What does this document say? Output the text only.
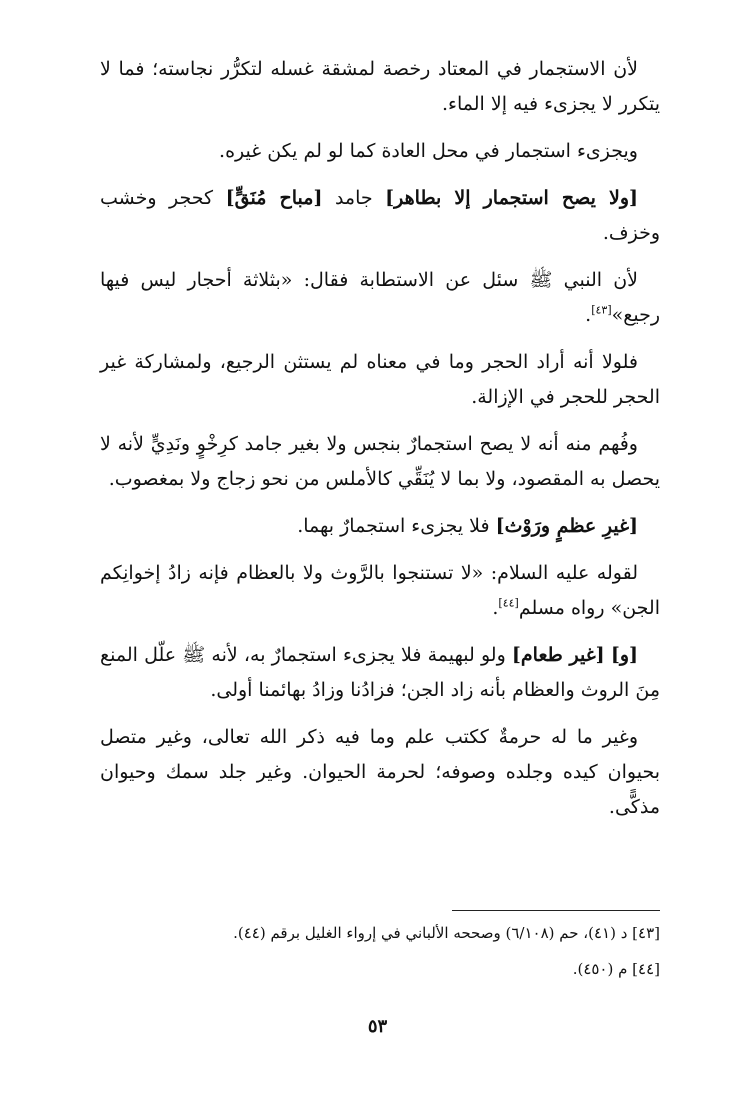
لأن الاستجمار في المعتاد رخصة لمشقة غسله لتكرُّر نجاسته؛ فما لا يتكرر لا يجزىء فيه إلا الماء.

ويجزىء استجمار في محل العادة كما لو لم يكن غيره.

[ولا يصح استجمار إلا بطاهر] جامد [مباح مُنَقٍّ] كحجر وخشب وخزف.

لأن النبي ﷺ سئل عن الاستطابة فقال: «بثلاثة أحجار ليس فيها رجيع»[٤٣].

فلولا أنه أراد الحجر وما في معناه لم يستثن الرجيع، ولمشاركة غير الحجر للحجر في الإزالة.

وفُهم منه أنه لا يصح استجمارٌ بنجس ولا بغير جامد كرِخْوٍ ونَدِيٍّ لأنه لا يحصل به المقصود، ولا بما لا يُنَقِّي كالأملس من نحو زجاج ولا بمغصوب.

[غيرِ عظمٍ ورَوْث] فلا يجزىء استجمارٌ بهما.

لقوله عليه السلام: «لا تستنجوا بالرَّوث ولا بالعظام فإنه زادُ إخوانِكم الجن» رواه مسلم[٤٤].

[و] [غير طعام] ولو لبهيمة فلا يجزىء استجمارٌ به، لأنه ﷺ علّل المنع مِنَ الروث والعظام بأنه زاد الجن؛ فزادُنا وزادُ بهائمنا أولى.

وغير ما له حرمةٌ ككتب علم وما فيه ذكر الله تعالى، وغير متصل بحيوان كيده وجلده وصوفه؛ لحرمة الحيوان. وغير جلد سمك وحيوان مذكًّى.

[٤٣] د (٤١)، حم (٦/١٠٨) وصححه الألباني في إرواء الغليل برقم (٤٤).
[٤٤] م (٤٥٠).
٥٣
